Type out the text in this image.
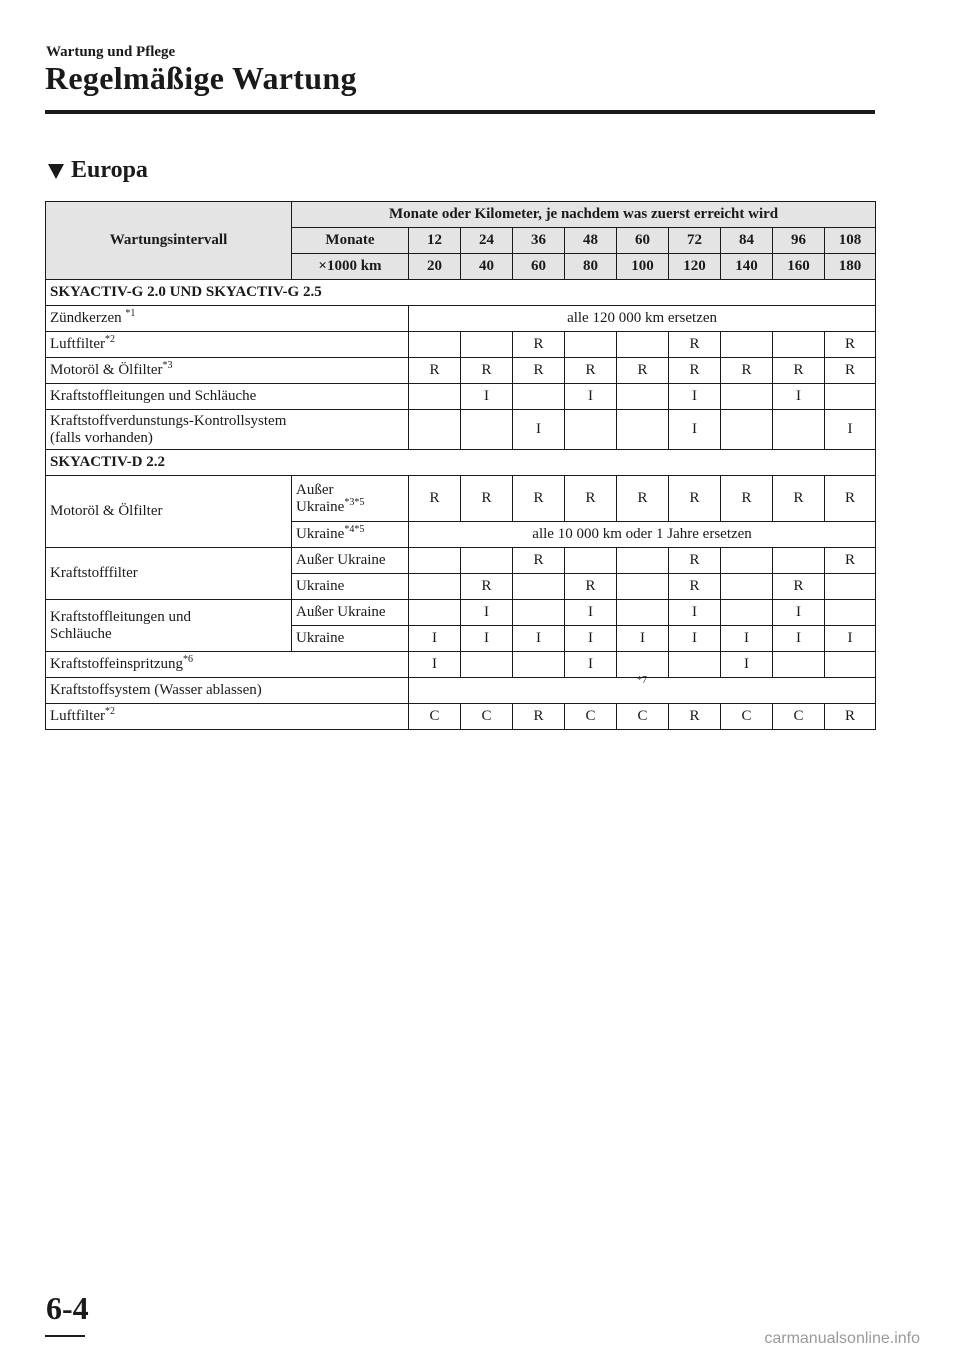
Wartung und Pflege
Regelmäßige Wartung
Europa
Wartungsintervall	Monate oder Kilometer, je nachdem was zuerst erreicht wird									
	Monate	12	24	36	48	60	72	84	96	108
	×1000 km	20	40	60	80	100	120	140	160	180
SKYACTIV-G 2.0 UND SKYACTIV-G 2.5										
Zündkerzen $^{*1}$		alle 120 000 km ersetzen								
Luftfilter$^{*2}$				R			R			R
Motoröl & Ölfilter$^{*3}$		R	R	R	R	R	R	R	R	R
Kraftstoffleitungen und Schläuche			I		I		I		I	
Kraftstoffverdunstungs-Kontrollsystem
(falls vorhanden)				I			I			I
SKYACTIV-D 2.2										
Motoröl & Ölfilter	Außer
Ukraine$^{*3*5}$	R	R	R	R	R	R	R	R	R
	Ukraine$^{*4*5}$	alle 10 000 km oder 1 Jahre ersetzen								
Kraftstofffilter	Außer Ukraine			R			R			R
	Ukraine		R		R		R		R	
Kraftstoffleitungen und
Schläuche	Außer Ukraine		I		I		I		I	
	Ukraine	I	I	I	I	I	I	I	I	I
Kraftstoffeinspritzung$^{*6}$		I			I			I		
Kraftstoffsystem (Wasser ablassen)		$^{*7}$
Luftfilter$^{*2}$		C	C	R	C	C	R	C	C	R
6-4
carmanualsonline.info
